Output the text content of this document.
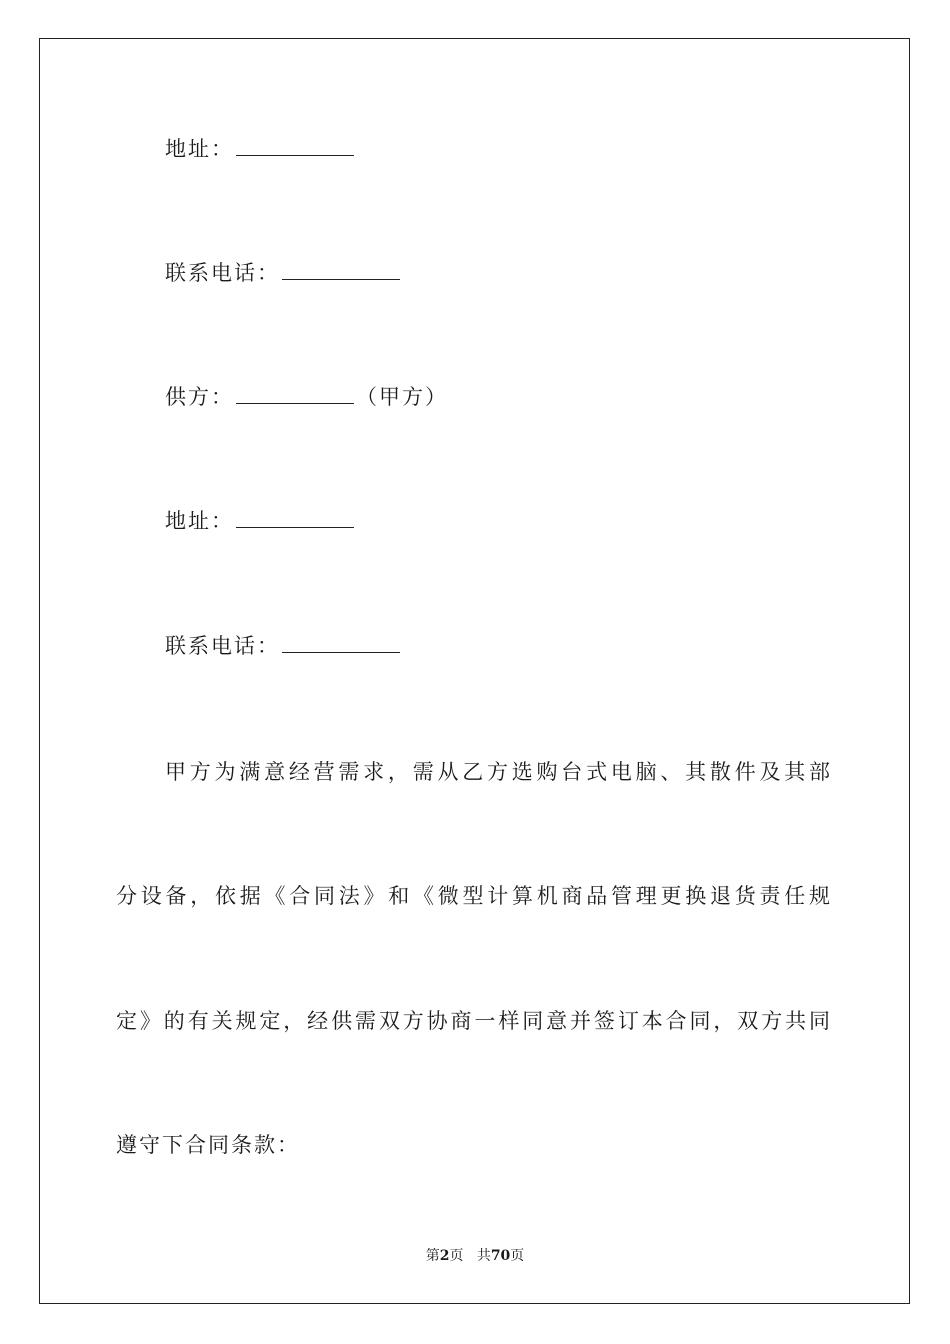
地址：
联系电话：
供方：	（甲方）
地址：
联系电话：
甲方为满意经营需求，需从乙方选购台式电脑、其散件及其部
分设备，依据《合同法》和《微型计算机商品管理更换退货责任规
定》的有关规定，经供需双方协商一样同意并签订本合同，双方共同
遵守下合同条款：
第2页 共70页
